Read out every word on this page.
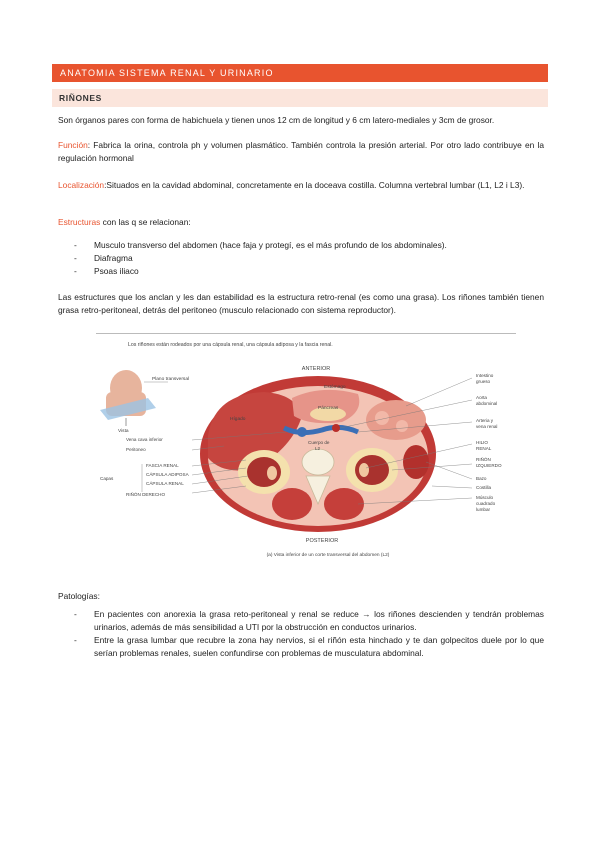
ANATOMIA SISTEMA RENAL Y URINARIO
RIÑONES
Son órganos pares con forma de habichuela y tienen unos 12 cm de longitud y 6 cm latero-mediales y 3cm de grosor.
Función: Fabrica la orina, controla ph y volumen plasmático. También controla la presión arterial. Por otro lado contribuye en la regulación hormonal
Localización:Situados en la cavidad abdominal, concretamente en la doceava costilla. Columna vertebral lumbar (L1, L2 i L3).
Estructuras con las q se relacionan:
- Musculo transverso del abdomen (hace faja y protegí, es el más profundo de los abdominales).
- Diafragma
- Psoas iliaco
Las estructures que los anclan y les dan estabilidad es la estructura retro-renal (es como una grasa). Los riñones también tienen grasa retro-peritoneal, detrás del peritoneo (musculo relacionado con sistema reproductor).
Los riñones están rodeados por una cápsula renal, una cápsula adiposa y la fascia renal.
ANTERIOR
POSTERIOR
(a) Vista inferior de un corte transversal del abdomen (L2)
Plano transversal
Vista
Hígado
Estómago
Páncreas
Cuerpo de
L2
Vena cava inferior
Peritoneo
Capas
FASCIA RENAL
CÁPSULA ADIPOSA
CÁPSULA RENAL
RIÑÓN DERECHO
Intestino
grueso
Aorta
abdominal
Arteria y
vena renal
HILIO
RENAL
RIÑÓN
IZQUIERDO
Bazo
Costilla
Músculo
cuadrado
lumbar
Patologías:
- En pacientes con anorexia la grasa reto-peritoneal y renal se reduce → los riñones descienden y tendrán problemas urinarios, además de más sensibilidad a UTI por la obstrucción en conductos urinarios.
- Entre la grasa lumbar que recubre la zona hay nervios, si el riñón esta hinchado y te dan golpecitos duele por lo que serían problemas renales, suelen confundirse con problemas de musculatura abdominal.
